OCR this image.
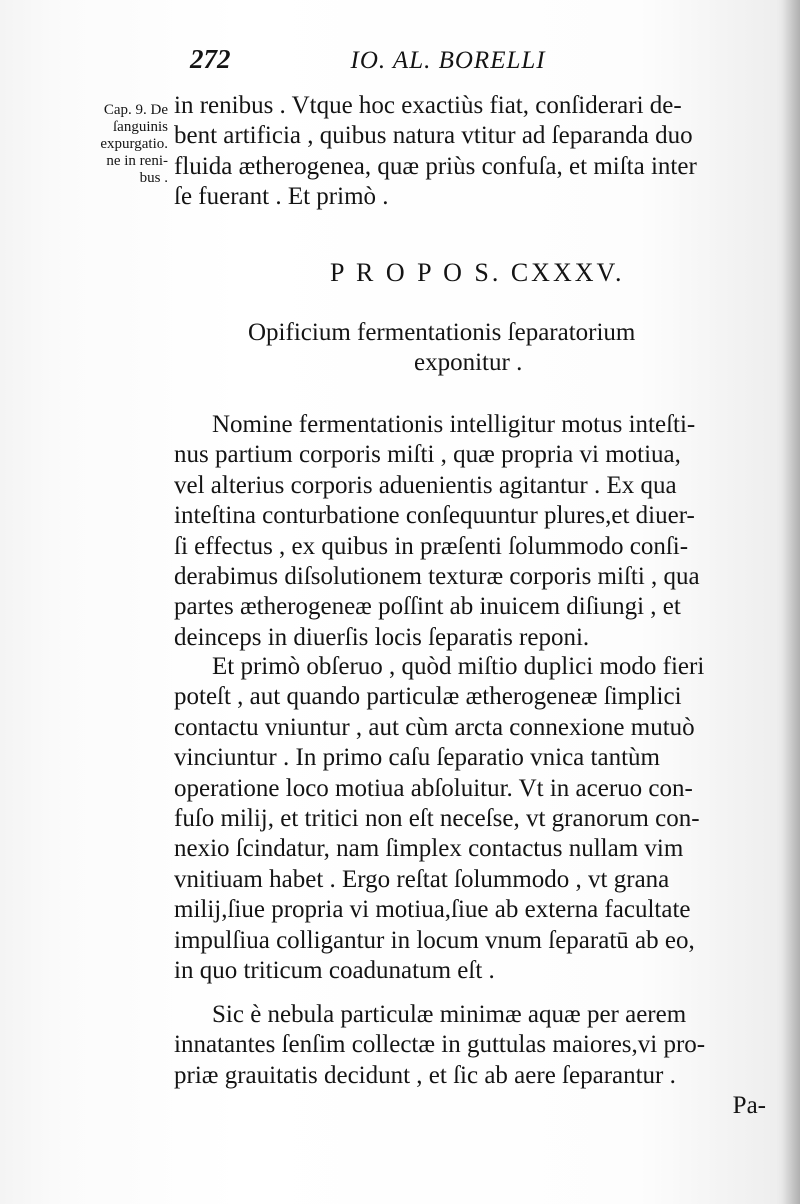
272	IO. AL. BORELLI
Cap. 9. De
ſanguinis
expurgatio.
ne in reni-
bus .
in renibus . Vtque hoc exactiùs fiat, conſiderari de-
bent artificia , quibus natura vtitur ad ſeparanda duo
fluida ætherogenea, quæ priùs confuſa, et miſta inter
ſe fuerant . Et primò .
P R O P O S. CXXXV.
Opificium fermentationis ſeparatorium
exponitur .
Nomine fermentationis intelligitur motus inteſti-
nus partium corporis miſti , quæ propria vi motiua,
vel alterius corporis aduenientis agitantur . Ex qua
inteſtina conturbatione conſequuntur plures,et diuer-
ſi effectus , ex quibus in præſenti ſolummodo conſi-
derabimus diſsolutionem texturæ corporis miſti , qua
partes ætherogeneæ poſſint ab inuicem diſiungi , et
deinceps in diuerſis locis ſeparatis reponi.
Et primò obſeruo , quòd miſtio duplici modo fieri
poteſt , aut quando particulæ ætherogeneæ ſimplici
contactu vniuntur , aut cùm arcta connexione mutuò
vinciuntur . In primo caſu ſeparatio vnica tantùm
operatione loco motiua abſoluitur. Vt in aceruo con-
fuſo milij, et tritici non eſt neceſse, vt granorum con-
nexio ſcindatur, nam ſimplex contactus nullam vim
vnitiuam habet . Ergo reſtat ſolummodo , vt grana
milij,ſiue propria vi motiua,ſiue ab externa facultate
impulſiua colligantur in locum vnum ſeparatū ab eo,
in quo triticum coadunatum eſt .
Sic è nebula particulæ minimæ aquæ per aerem
innatantes ſenſim collectæ in guttulas maiores,vi pro-
priæ grauitatis decidunt , et ſic ab aere ſeparantur .
Pa-
